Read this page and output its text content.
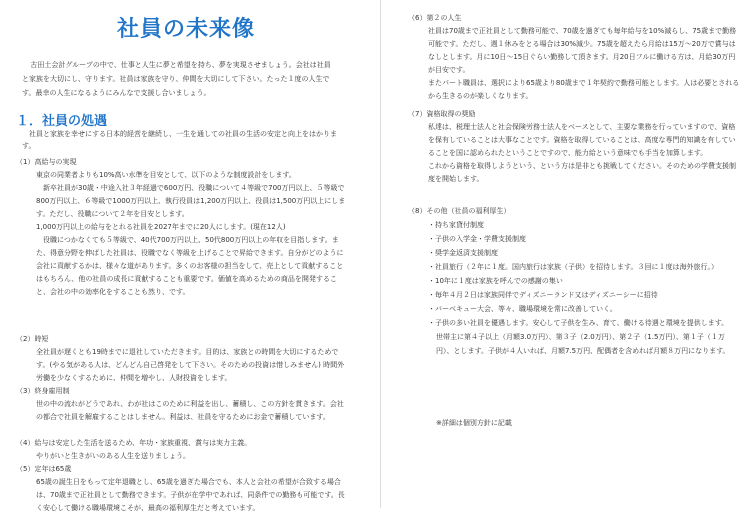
社員の未来像
古田土会計グループの中で、仕事と人生に夢と希望を持ち、夢を実現させましょう。会社は社員と家族を大切にし、守ります。社員は家族を守り、仲間を大切にして下さい。たった１度の人生です。最幸の人生になるようにみんなで支援し合いましょう。
１．社員の処遇
社員と家族を幸せにする日本的経営を継続し、一生を通しての社員の生活の安定と向上をはかります。
（1）高給与の実現

東京の同業者よりも10%高い水準を目安として、以下のような制度設計をします。

新卒社員が30歳・中途入社３年経過で600万円、役職について４等級で700万円以上、５等級で800万円以上、６等級で1000万円以上、執行役員は1,200万円以上、役員は1,500万円以上にします。ただし、役職について２年を目安とします。

1,000万円以上の給与をとれる社員を2027年までに20人にします。(現在12人)

役職につかなくても５等級で、40代700万円以上、50代800万円以上の年収を目指します。また、得意分野を伸ばした社員は、役職でなく等級を上げることで昇給できます。自分がどのように会社に貢献するかは、様々な道があります。多くのお客様の担当をして、売上として貢献することはもちろん、他の社員の成長に貢献することも重要です。価値を高めるための商品を開発すること、会社の中の効率化をすることも然り、です。

（2）時短

全社員が遅くとも19時までに退社していただきます。目的は、家族との時間を大切にするためです。(やる気がある人は、どんどん自己啓発をして下さい。そのための投資は惜しみません) 時間外労働を少なくするために、仲間を増やし、人財投資をします。

（3）終身雇用制

世の中の流れがどうであれ、わが社はこのために利益を出し、蓄積し、この方針を貫きます。会社の都合で社員を解雇することはしません。利益は、社員を守るためにお金で蓄積しています。

（4）給与は安定した生活を送るため、年功・家族重視、賞与は実力主義。

やりがいと生きがいのある人生を送りましょう。

（5）定年は65歳

65歳の誕生日をもって定年退職とし、65歳を過ぎた場合でも、本人と会社の希望が合致する場合は、70歳まで正社員として勤務できます。子供が在学中であれば、同条件での勤務も可能です。長く安心して働ける職場環境こそが、最高の福利厚生だと考えています。

（6）第２の人生

社員は70歳まで正社員として勤務可能で、70歳を過ぎても毎年給与を10%減らし、75歳まで勤務可能です。ただし、週１休みをとる場合は30%減少。75歳を超えたら月給は15万～20万で賞与はなしとします。月に10日～15日ぐらい勤務して頂きます。月20日フルに働ける方は、月給30万円が目安です。

またパート職員は、選択により65歳より80歳まで１年契約で勤務可能とします。人は必要とされるから生きるのが楽しくなります。

（7）資格取得の奨励

私達は、税理士法人と社会保険労務士法人をベースとして、主要な業務を行っていますので、資格を保有していることは大事なことです。資格を取得していることは、高度な専門的知識を有していることを国に認められたということですので、能力給という意味でも手当を加算します。

これから資格を取得しようという、という方は是非とも挑戦してください。そのための学費支援制度を開始します。

（8）その他（社員の福利厚生）
・持ち家貸付制度
・子供の入学金・学費支援制度
・奨学金返済支援制度
・社員旅行（２年に１度。国内旅行は家族（子供）を招待します。３回に１度は海外旅行。）
・10年に１度は家族を呼んでの感謝の集い
・毎年４月２日は家族同伴でディズニーランド又はディズニーシーに招待
・バーベキュー大会、等々、職場環境を常に改善していく。
・子供の多い社員を優遇します。安心して子供を生み、育て、働ける待遇と環境を提供します。
世帯主に第４子以上（月額3.0万円）、第３子（2.0万円）、第２子（1.5万円）、第１子（１万円）、とします。子供が４人いれば、月額7.5万円、配偶者を含めれば月額８万円になります。
※詳細は個別方針に記載
